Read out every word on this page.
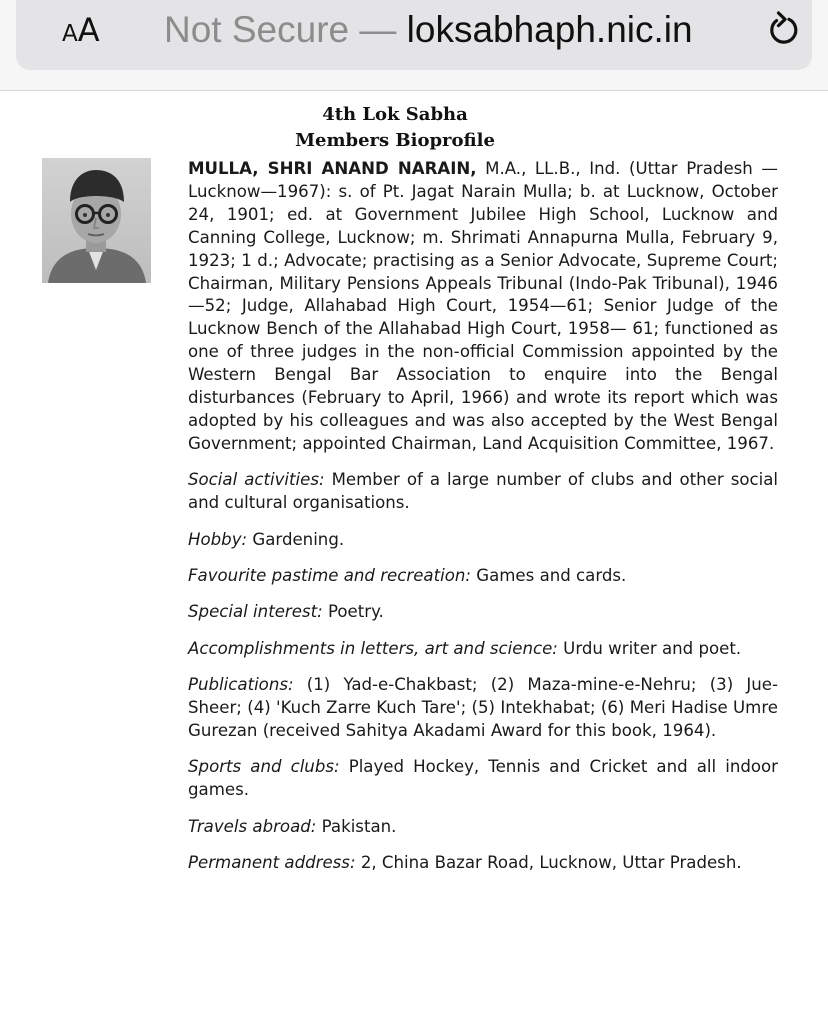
AA Not Secure — loksabhaph.nic.in
4th Lok Sabha
Members Bioprofile

MULLA, SHRI ANAND NARAIN, M.A., LL.B., Ind. (Uttar Pradesh —Lucknow—1967): s. of Pt. Jagat Narain Mulla; b. at Lucknow, October 24, 1901; ed. at Government Jubilee High School, Lucknow and Canning College, Lucknow; m. Shrimati Annapurna Mulla, February 9, 1923; 1 d.; Advocate; practising as a Senior Advocate, Supreme Court; Chairman, Military Pensions Appeals Tribunal (Indo-Pak Tribunal), 1946—52; Judge, Allahabad High Court, 1954—61; Senior Judge of the Lucknow Bench of the Allahabad High Court, 1958— 61; functioned as one of three judges in the non-official Commission appointed by the Western Bengal Bar Association to enquire into the Bengal disturbances (February to April, 1966) and wrote its report which was adopted by his colleagues and was also accepted by the West Bengal Government; appointed Chairman, Land Acquisition Committee, 1967.

Social activities: Member of a large number of clubs and other social and cultural organisations.

Hobby: Gardening.

Favourite pastime and recreation: Games and cards.

Special interest: Poetry.

Accomplishments in letters, art and science: Urdu writer and poet.

Publications: (1) Yad-e-Chakbast; (2) Maza-mine-e-Nehru; (3) Jue-Sheer; (4) 'Kuch Zarre Kuch Tare'; (5) Intekhabat; (6) Meri Hadise Umre Gurezan (received Sahitya Akadami Award for this book, 1964).

Sports and clubs: Played Hockey, Tennis and Cricket and all indoor games.

Travels abroad: Pakistan.

Permanent address: 2, China Bazar Road, Lucknow, Uttar Pradesh.
